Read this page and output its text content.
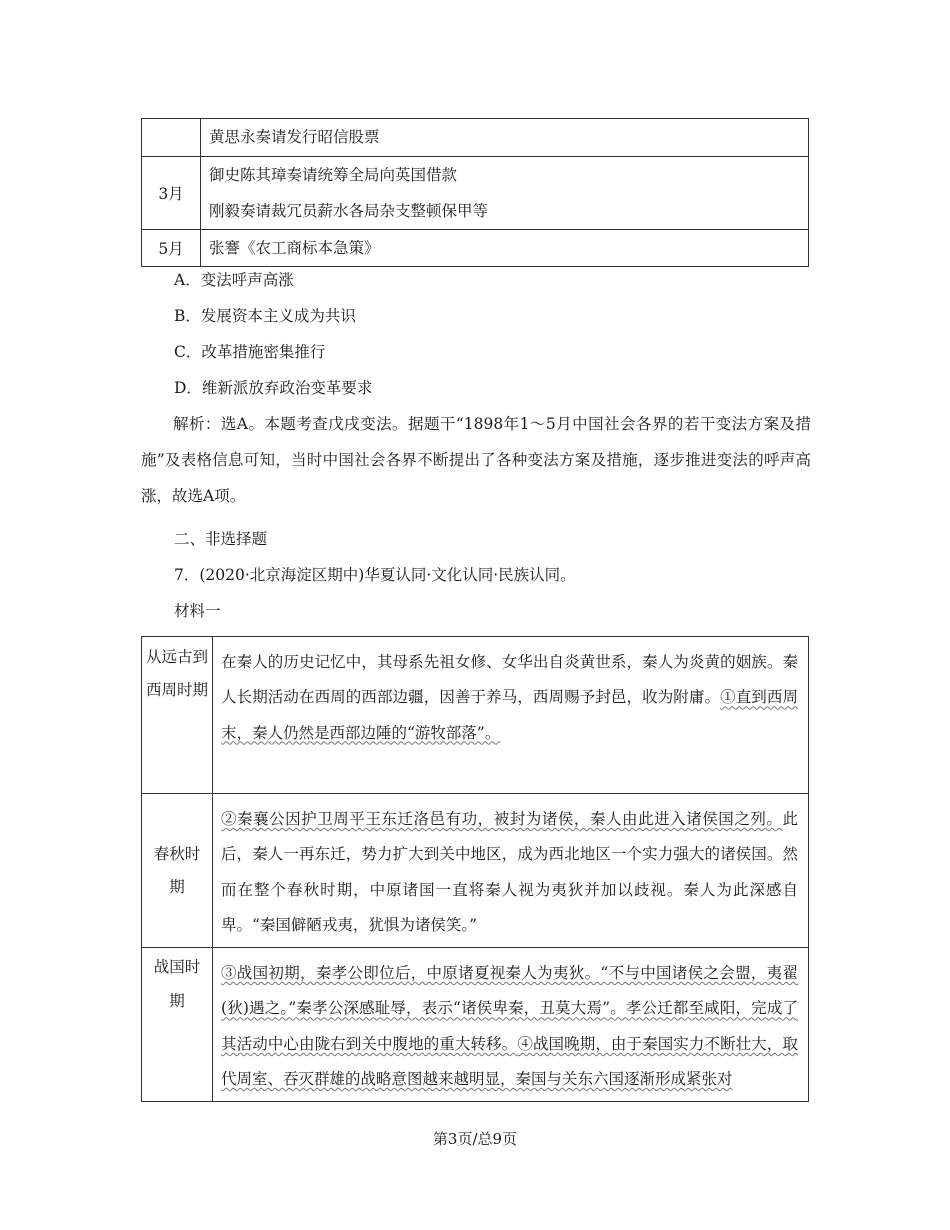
	黄思永奏请发行昭信股票

3月	御史陈其璋奏请统筹全局向英国借款
刚毅奏请裁冗员薪水各局杂支整顿保甲等

5月	张謇《农工商标本急策》
A．变法呼声高涨
B．发展资本主义成为共识
C．改革措施密集推行
D．维新派放弃政治变革要求
解析：选A。本题考查戊戌变法。据题干“1898年1～5月中国社会各界的若干变法方案及措施”及表格信息可知，当时中国社会各界不断提出了各种变法方案及措施，逐步推进变法的呼声高涨，故选A项。
二、非选择题
7．(2020·北京海淀区期中)华夏认同·文化认同·民族认同。
材料一
从远古到西周时期	在秦人的历史记忆中，其母系先祖女修、女华出自炎黄世系，秦人为炎黄的姻族。秦人长期活动在西周的西部边疆，因善于养马，西周赐予封邑，收为附庸。①直到西周末，秦人仍然是西部边陲的“游牧部落”。
春秋时期	②秦襄公因护卫周平王东迁洛邑有功，被封为诸侯，秦人由此进入诸侯国之列。此后，秦人一再东迁，势力扩大到关中地区，成为西北地区一个实力强大的诸侯国。然而在整个春秋时期，中原诸国一直将秦人视为夷狄并加以歧视。秦人为此深感自卑。“秦国僻陋戎夷，犹惧为诸侯笑。”
战国时期	③战国初期，秦孝公即位后，中原诸夏视秦人为夷狄。“不与中国诸侯之会盟，夷翟(狄)遇之。”秦孝公深感耻辱，表示“诸侯卑秦，丑莫大焉”。孝公迁都至咸阳，完成了其活动中心由陇右到关中腹地的重大转移。④战国晚期，由于秦国实力不断壮大，取代周室、吞灭群雄的战略意图越来越明显，秦国与关东六国逐渐形成紧张对
第3页/总9页
